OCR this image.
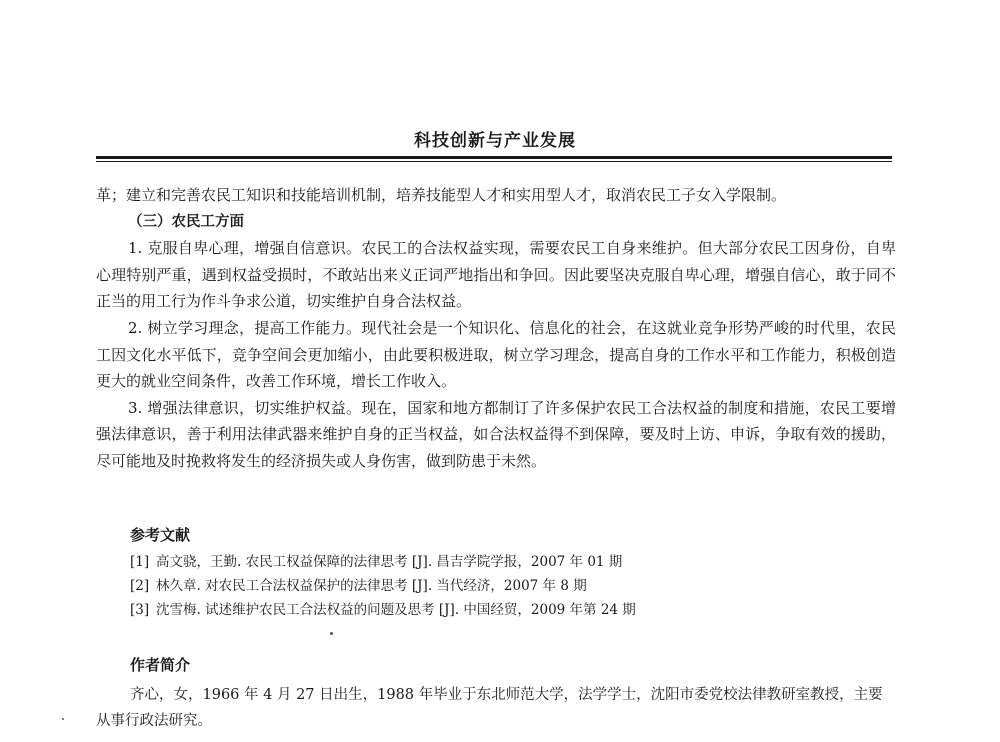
科技创新与产业发展

革；建立和完善农民工知识和技能培训机制，培养技能型人才和实用型人才，取消农民工子女入学限制。

（三）农民工方面

1. 克服自卑心理，增强自信意识。农民工的合法权益实现，需要农民工自身来维护。但大部分农民工因身份，自卑心理特别严重，遇到权益受损时，不敢站出来义正词严地指出和争回。因此要坚决克服自卑心理，增强自信心，敢于同不正当的用工行为作斗争求公道，切实维护自身合法权益。

2. 树立学习理念，提高工作能力。现代社会是一个知识化、信息化的社会，在这就业竞争形势严峻的时代里，农民工因文化水平低下，竞争空间会更加缩小，由此要积极进取，树立学习理念，提高自身的工作水平和工作能力，积极创造更大的就业空间条件，改善工作环境，增长工作收入。

3. 增强法律意识，切实维护权益。现在，国家和地方都制订了许多保护农民工合法权益的制度和措施，农民工要增强法律意识，善于利用法律武器来维护自身的正当权益，如合法权益得不到保障，要及时上访、申诉，争取有效的援助，尽可能地及时挽救将发生的经济损失或人身伤害，做到防患于未然。

参考文献
[1] 高文骁，王勤. 农民工权益保障的法律思考 [J]. 昌吉学院学报，2007 年 01 期
[2] 林久章. 对农民工合法权益保护的法律思考 [J]. 当代经济，2007 年 8 期
[3] 沈雪梅. 试述维护农民工合法权益的问题及思考 [J]. 中国经贸，2009 年第 24 期
作者简介

齐心，女，1966 年 4 月 27 日出生，1988 年毕业于东北师范大学，法学学士，沈阳市委党校法律教研室教授，主要从事行政法研究。
